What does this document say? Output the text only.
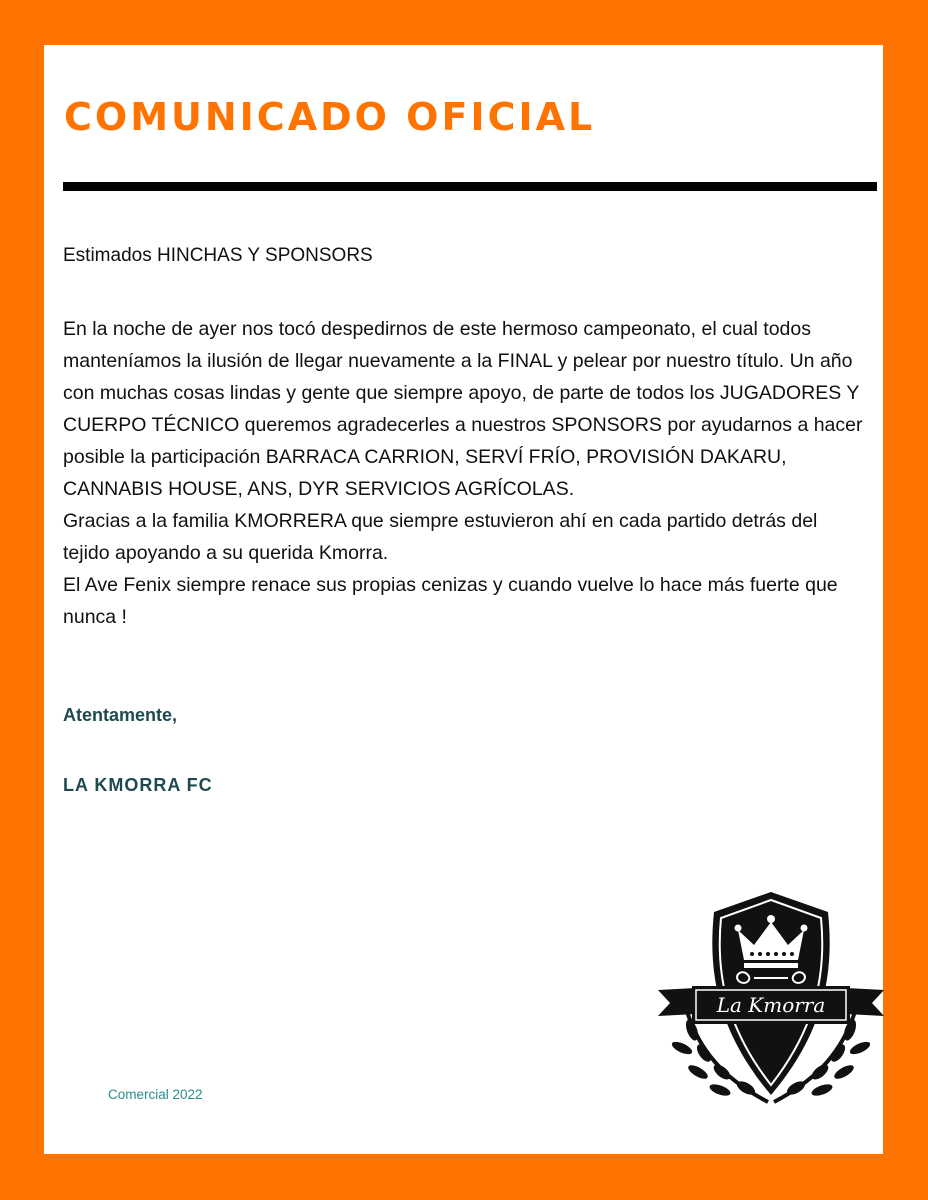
COMUNICADO OFICIAL

Estimados HINCHAS Y SPONSORS

En la noche de ayer nos tocó despedirnos de este hermoso campeonato, el cual todos manteníamos la ilusión de llegar nuevamente a la FINAL y pelear por nuestro título. Un año con muchas cosas lindas y gente que siempre apoyo, de parte de todos los JUGADORES Y CUERPO TÉCNICO queremos agradecerles a nuestros SPONSORS por ayudarnos a hacer posible la participación BARRACA CARRION, SERVÍ FRÍO, PROVISIÓN DAKARU, CANNABIS HOUSE, ANS, DYR SERVICIOS AGRÍCOLAS.

Gracias a la familia KMORRERA que siempre estuvieron ahí en cada partido detrás del tejido apoyando a su querida Kmorra.

El Ave Fenix siempre renace sus propias cenizas y cuando vuelve lo hace más fuerte que nunca !

Atentamente,

LA KMORRA FC

Comercial 2022

La Kmorra
